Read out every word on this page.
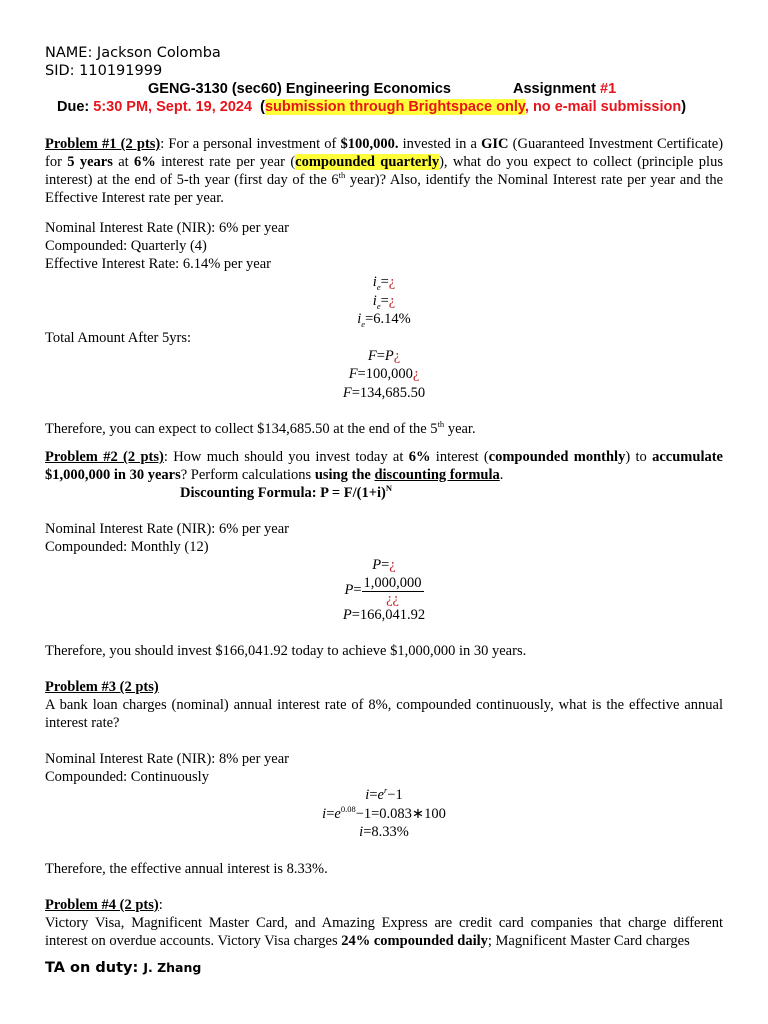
NAME: Jackson Colomba
SID: 110191999
GENG-3130 (sec60) Engineering Economics	Assignment #1
Due: 5:30 PM, Sept. 19, 2024 (submission through Brightspace only, no e-mail submission)
Problem #1 (2 pts): For a personal investment of $100,000. invested in a GIC (Guaranteed Investment Certificate) for 5 years at 6% interest rate per year (compounded quarterly), what do you expect to collect (principle plus interest) at the end of 5-th year (first day of the 6th year)? Also, identify the Nominal Interest rate per year and the Effective Interest rate per year.
Nominal Interest Rate (NIR): 6% per year
Compounded: Quarterly (4)
Effective Interest Rate: 6.14% per year
$i_e=¿$
$i_e=¿$
$i_e=6.14\%$
Total Amount After 5yrs:
F=P¿
F=100,000¿
F=134,685.50
Therefore, you can expect to collect $134,685.50 at the end of the 5th year.
Problem #2 (2 pts): How much should you invest today at 6% interest (compounded monthly) to accumulate $1,000,000 in 30 years? Perform calculations using the discounting formula.
Discounting Formula: $P = F/(1+i)^N$
Nominal Interest Rate (NIR): 6% per year
Compounded: Monthly (12)
P=¿
$P= \frac{1,000,000}{¿¿}$
P=166,041.92
Therefore, you should invest $166,041.92 today to achieve $1,000,000 in 30 years.
Problem #3 (2 pts)
A bank loan charges (nominal) annual interest rate of 8%, compounded continuously, what is the effective annual interest rate?
Nominal Interest Rate (NIR): 8% per year
Compounded: Continuously
$i=e^r-1$
$i=e^{0.08}-1=0.083∗100$
i=8.33%
Therefore, the effective annual interest is 8.33%.
Problem #4 (2 pts):
Victory Visa, Magnificent Master Card, and Amazing Express are credit card companies that charge different interest on overdue accounts. Victory Visa charges 24% compounded daily; Magnificent Master Card charges
TA on duty: J. Zhang
